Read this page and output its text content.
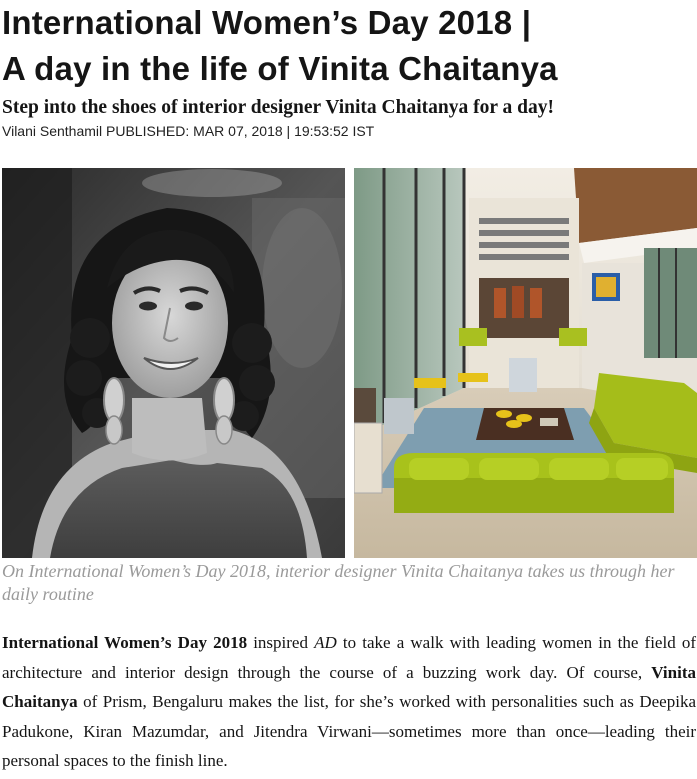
International Women’s Day 2018 |
A day in the life of Vinita Chaitanya

Step into the shoes of interior designer Vinita Chaitanya for a day!

Vilani Senthamil PUBLISHED: MAR 07, 2018 | 19:53:52 IST

On International Women’s Day 2018, interior designer Vinita Chaitanya takes us through her daily routine

International Women’s Day 2018 inspired AD to take a walk with leading women in the field of architecture and interior design through the course of a buzzing work day. Of course, Vinita Chaitanya of Prism, Bengaluru makes the list, for she’s worked with personalities such as Deepika Padukone, Kiran Mazumdar, and Jitendra Virwani—sometimes more than once—leading their personal spaces to the finish line.
